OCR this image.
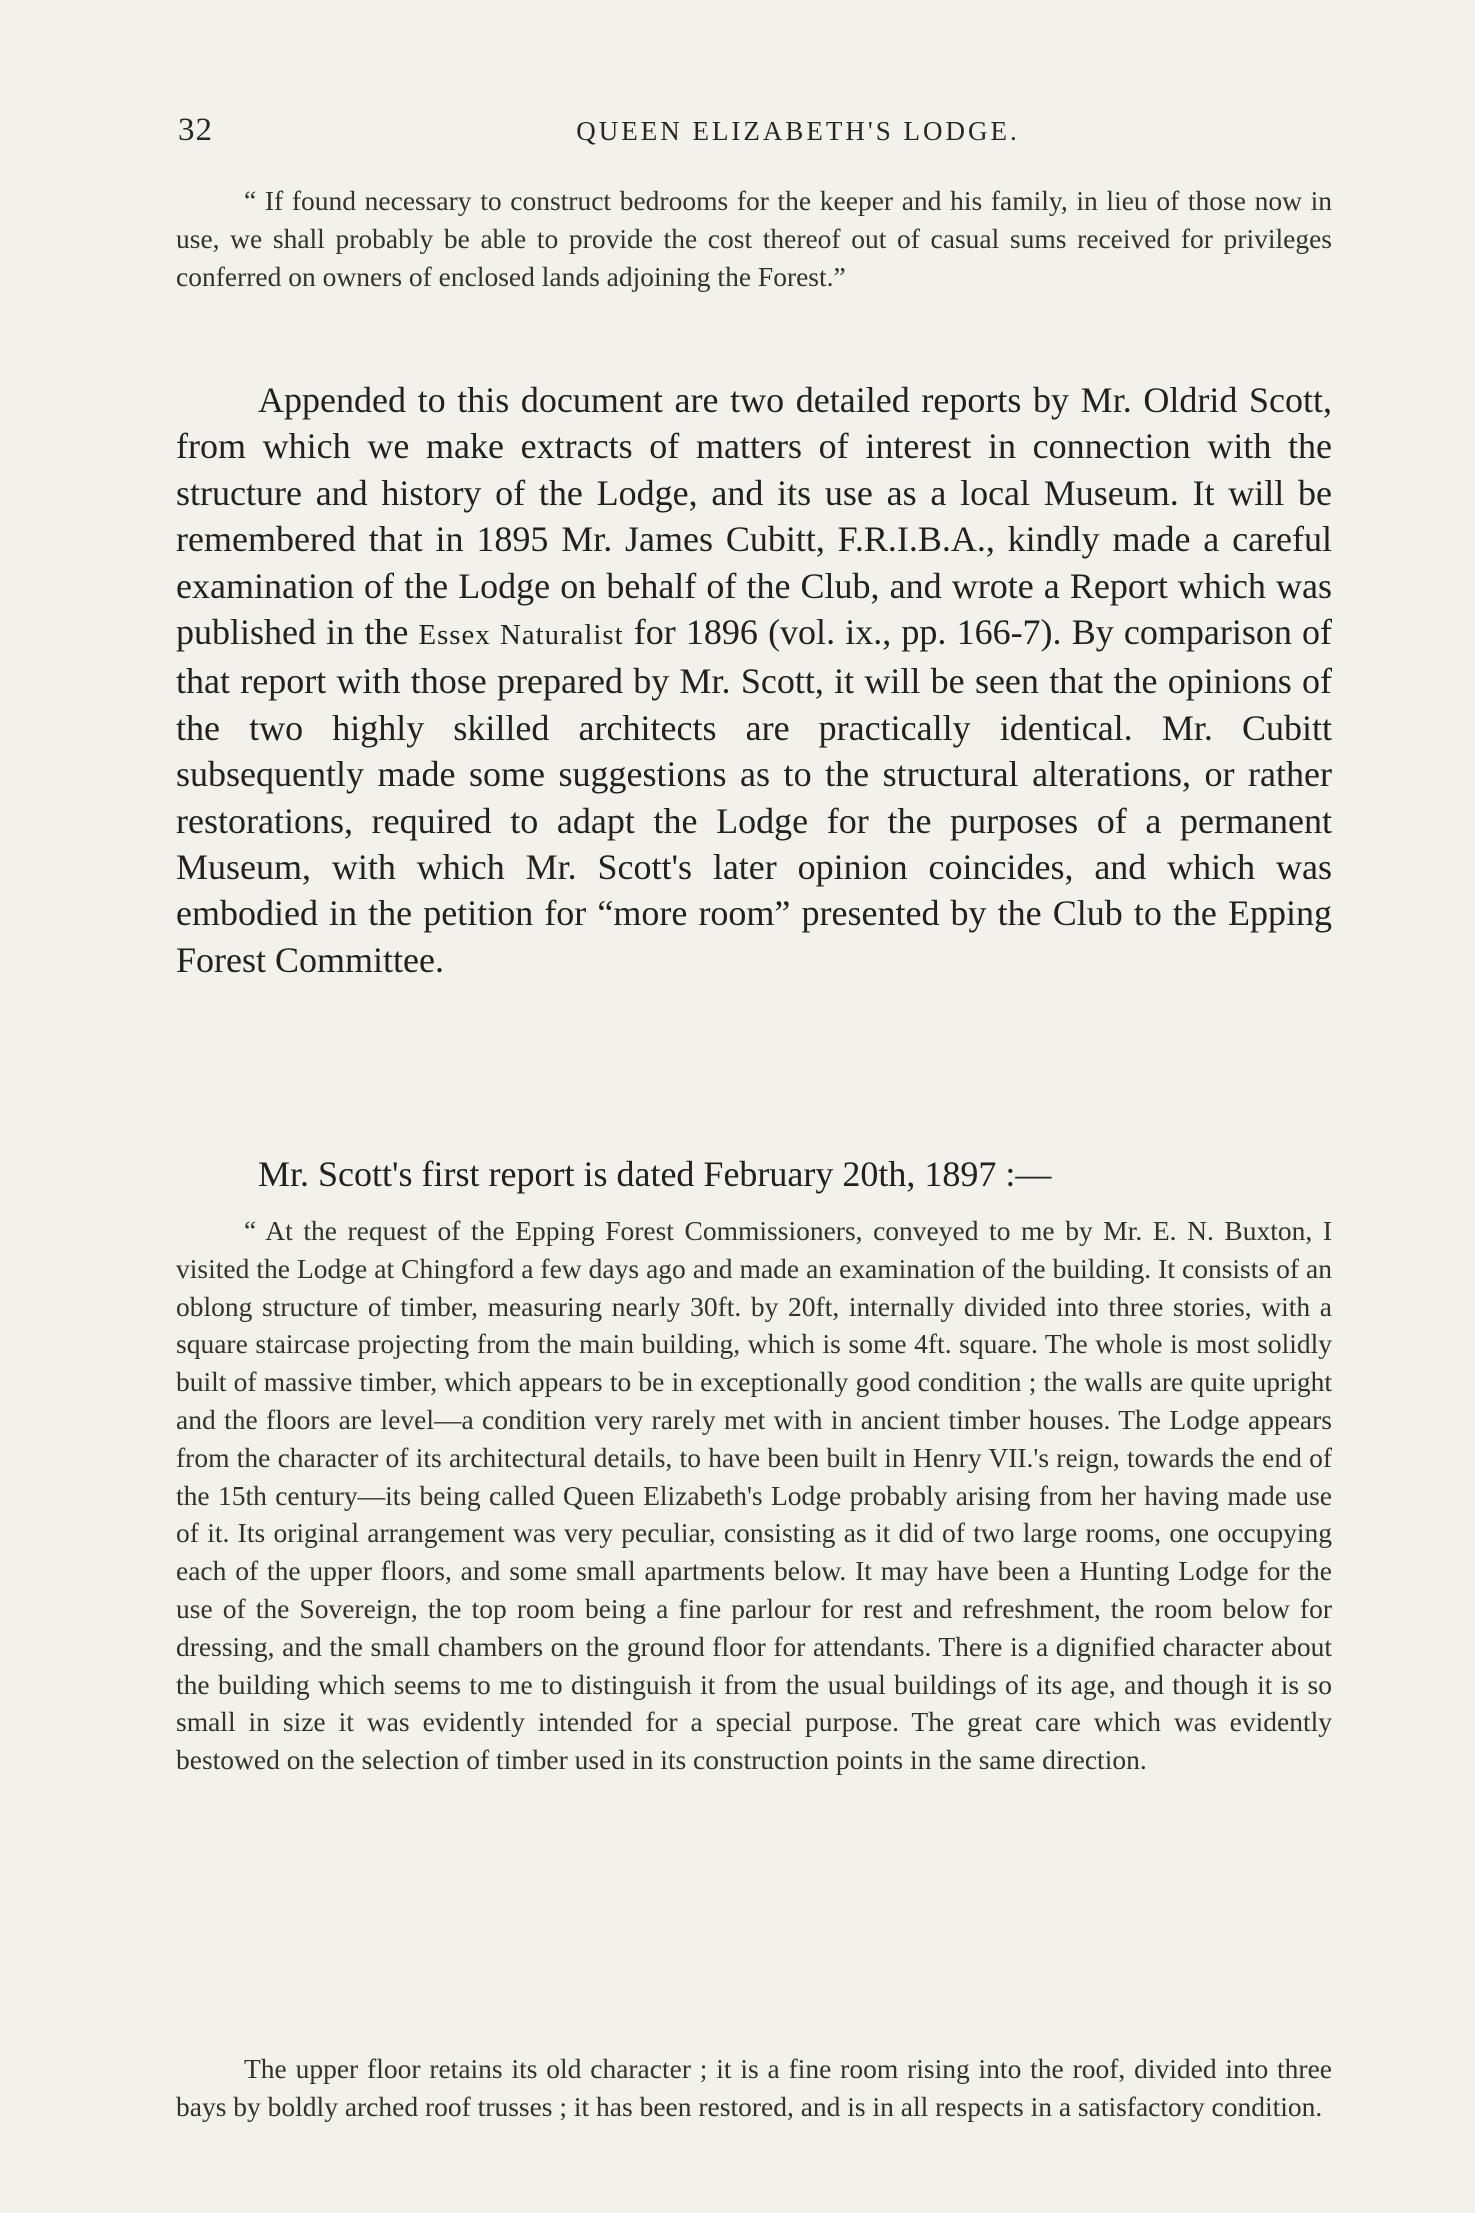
32	QUEEN ELIZABETH'S LODGE.

“ If found necessary to construct bedrooms for the keeper and his family, in lieu of those now in use, we shall probably be able to provide the cost thereof out of casual sums received for privileges conferred on owners of enclosed lands adjoining the Forest.”

Appended to this document are two detailed reports by Mr. Oldrid Scott, from which we make extracts of matters of interest in connection with the structure and history of the Lodge, and its use as a local Museum. It will be remembered that in 1895 Mr. James Cubitt, F.R.I.B.A., kindly made a careful examination of the Lodge on behalf of the Club, and wrote a Report which was published in the Essex Naturalist for 1896 (vol. ix., pp. 166-7). By comparison of that report with those prepared by Mr. Scott, it will be seen that the opinions of the two highly skilled architects are practically identical. Mr. Cubitt subsequently made some suggestions as to the structural alterations, or rather restorations, required to adapt the Lodge for the purposes of a permanent Museum, with which Mr. Scott's later opinion coincides, and which was embodied in the petition for “more room” presented by the Club to the Epping Forest Committee.

Mr. Scott's first report is dated February 20th, 1897 :—

“ At the request of the Epping Forest Commissioners, conveyed to me by Mr. E. N. Buxton, I visited the Lodge at Chingford a few days ago and made an examination of the building. It consists of an oblong structure of timber, measuring nearly 30ft. by 20ft, internally divided into three stories, with a square staircase projecting from the main building, which is some 4ft. square. The whole is most solidly built of massive timber, which appears to be in exceptionally good condition ; the walls are quite upright and the floors are level—a condition very rarely met with in ancient timber houses. The Lodge appears from the character of its architectural details, to have been built in Henry VII.'s reign, towards the end of the 15th century—its being called Queen Elizabeth's Lodge probably arising from her having made use of it. Its original arrangement was very peculiar, consisting as it did of two large rooms, one occupying each of the upper floors, and some small apartments below. It may have been a Hunting Lodge for the use of the Sovereign, the top room being a fine parlour for rest and refreshment, the room below for dressing, and the small chambers on the ground floor for attendants. There is a dignified character about the building which seems to me to distinguish it from the usual buildings of its age, and though it is so small in size it was evidently intended for a special purpose. The great care which was evidently bestowed on the selection of timber used in its construction points in the same direction.

The upper floor retains its old character ; it is a fine room rising into the roof, divided into three bays by boldly arched roof trusses ; it has been restored, and is in all respects in a satisfactory condition.
